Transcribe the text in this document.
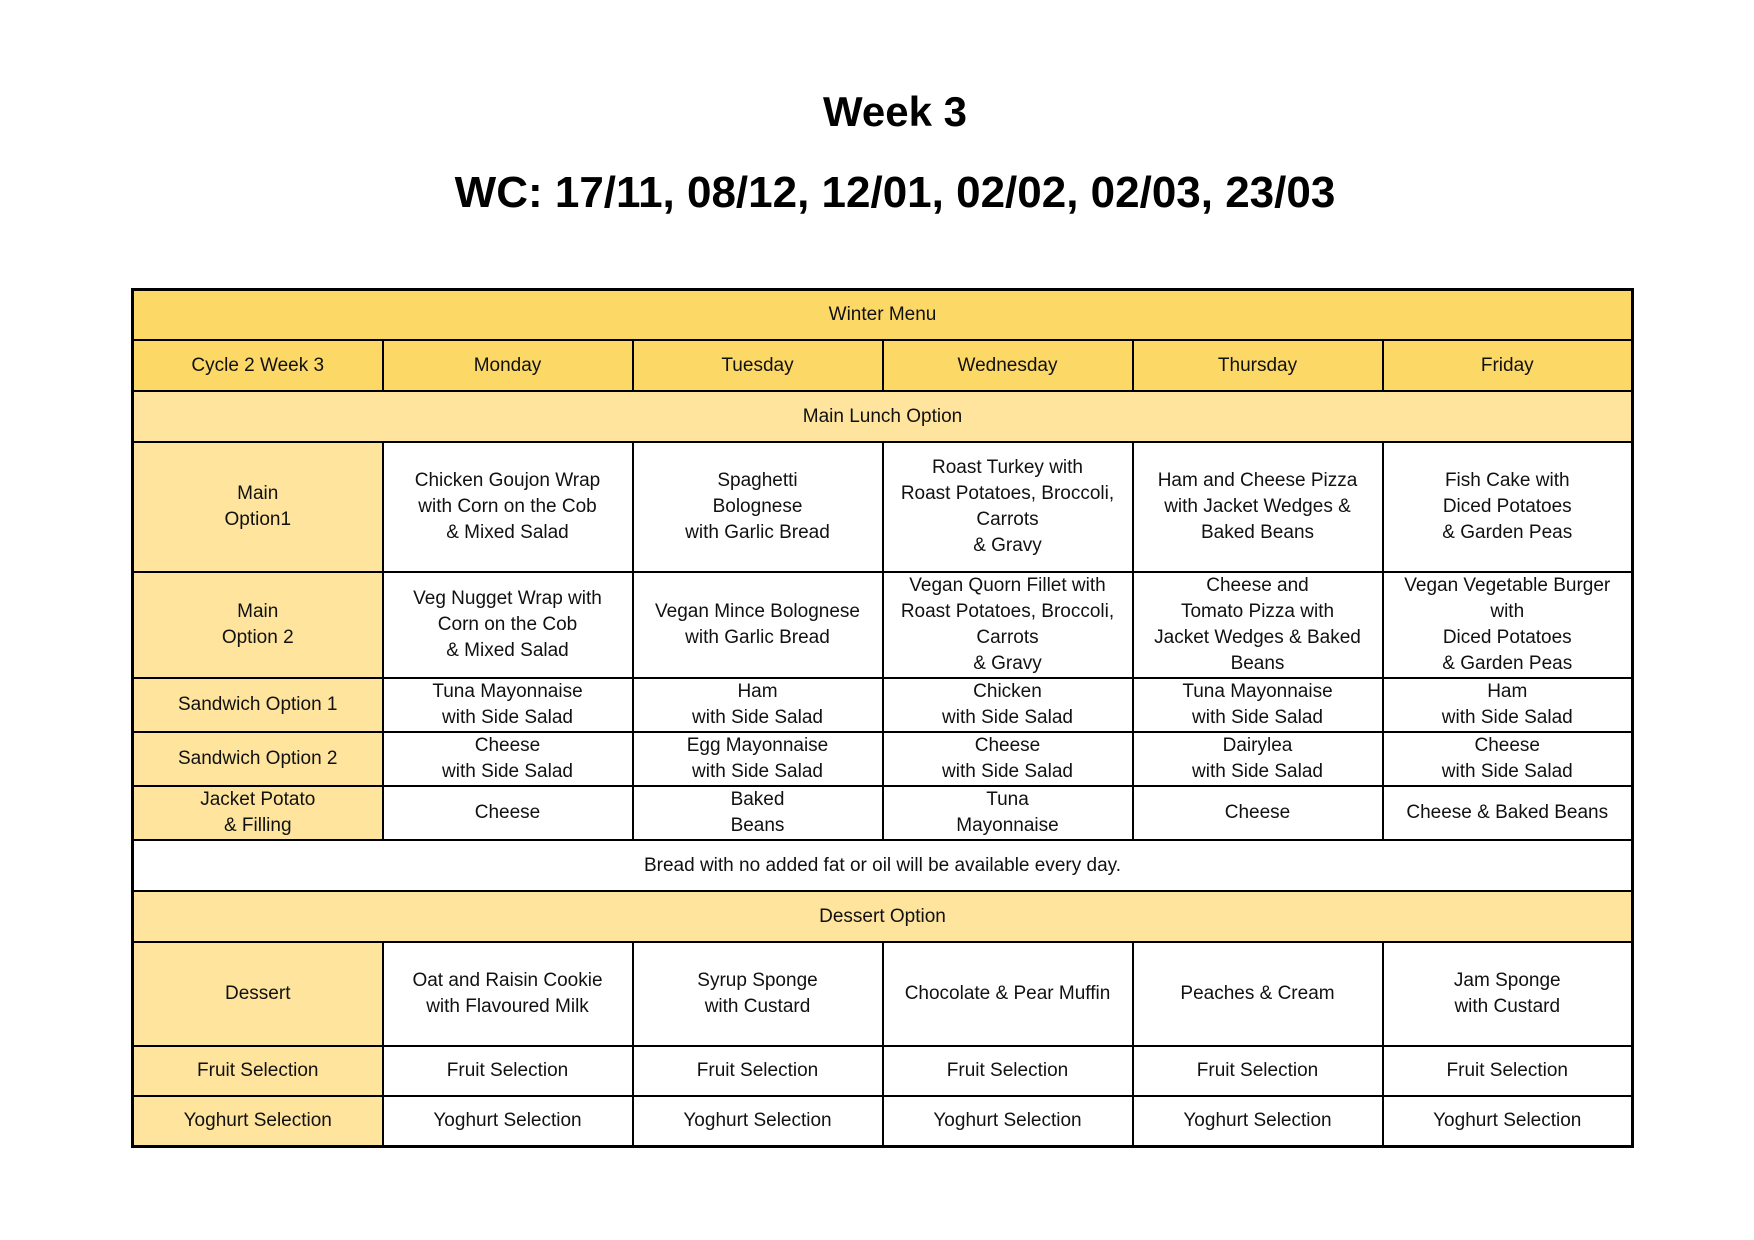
Week 3
WC: 17/11, 08/12, 12/01, 02/02, 02/03, 23/03
Winter Menu					
Cycle 2 Week 3	Monday	Tuesday	Wednesday	Thursday	Friday
Main Lunch Option					
Main
Option1	Chicken Goujon Wrap
with Corn on the Cob
& Mixed Salad	Spaghetti
Bolognese
with Garlic Bread	Roast Turkey with
Roast Potatoes, Broccoli,
Carrots
& Gravy	Ham and Cheese Pizza
with Jacket Wedges &
Baked Beans	Fish Cake with
Diced Potatoes
& Garden Peas
Main
Option 2	Veg Nugget Wrap with
Corn on the Cob
& Mixed Salad	Vegan Mince Bolognese
with Garlic Bread	Vegan Quorn Fillet with
Roast Potatoes, Broccoli,
Carrots
& Gravy	Cheese and
Tomato Pizza with
Jacket Wedges & Baked
Beans	Vegan Vegetable Burger
with
Diced Potatoes
& Garden Peas
Sandwich Option 1	Tuna Mayonnaise
with Side Salad	Ham
with Side Salad	Chicken
with Side Salad	Tuna Mayonnaise
with Side Salad	Ham
with Side Salad
Sandwich Option 2	Cheese
with Side Salad	Egg Mayonnaise
with Side Salad	Cheese
with Side Salad	Dairylea
with Side Salad	Cheese
with Side Salad
Jacket Potato
& Filling	Cheese	Baked
Beans	Tuna
Mayonnaise	Cheese	Cheese & Baked Beans
Bread with no added fat or oil will be available every day.					
Dessert Option					
Dessert	Oat and Raisin Cookie
with Flavoured Milk	Syrup Sponge
with Custard	Chocolate & Pear Muffin	Peaches & Cream	Jam Sponge
with Custard
Fruit Selection	Fruit Selection	Fruit Selection	Fruit Selection	Fruit Selection	Fruit Selection
Yoghurt Selection	Yoghurt Selection	Yoghurt Selection	Yoghurt Selection	Yoghurt Selection	Yoghurt Selection
